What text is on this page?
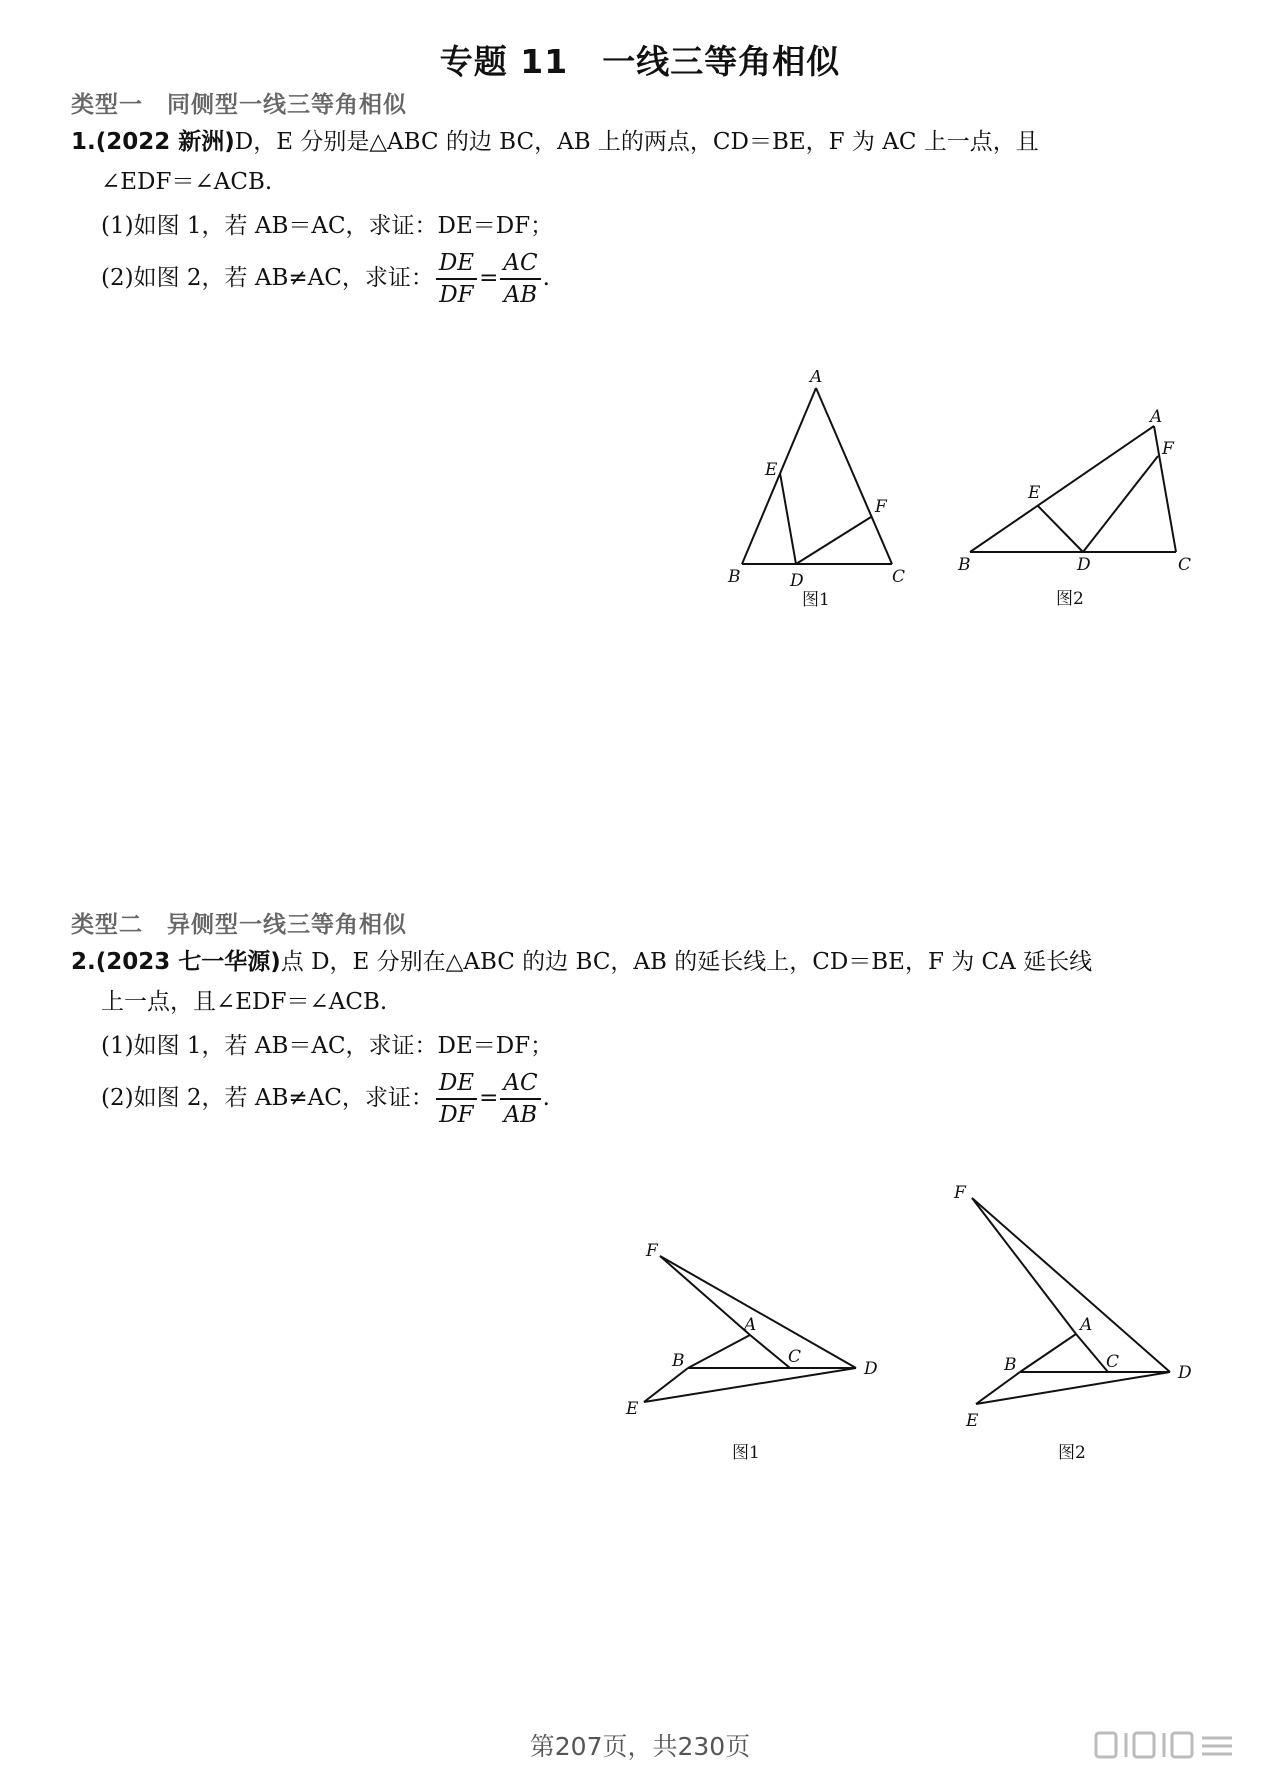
专题 11　一线三等角相似
类型一　同侧型一线三等角相似
1.(2022 新洲)D，E 分别是△ABC 的边 BC，AB 上的两点，CD＝BE，F 为 AC 上一点，且
∠EDF＝∠ACB.
(1)如图 1，若 AB＝AC，求证：DE＝DF；
(2)如图 2，若 AB≠AC，求证： $\frac{DE}{DF} = \frac{AC}{AB}$ .
A
E
F
B	D	C
图1
A
F
E
B	D	C
图2
类型二　异侧型一线三等角相似
2.(2023 七一华源)点 D，E 分别在△ABC 的边 BC，AB 的延长线上，CD＝BE，F 为 CA 延长线
上一点，且∠EDF＝∠ACB.
(1)如图 1，若 AB＝AC，求证：DE＝DF；
(2)如图 2，若 AB≠AC，求证： $\frac{DE}{DF} = \frac{AC}{AB}$ .
F
A
B	C
D
E
图1
F
A
B	C
D
E
图2
第207页，共230页
